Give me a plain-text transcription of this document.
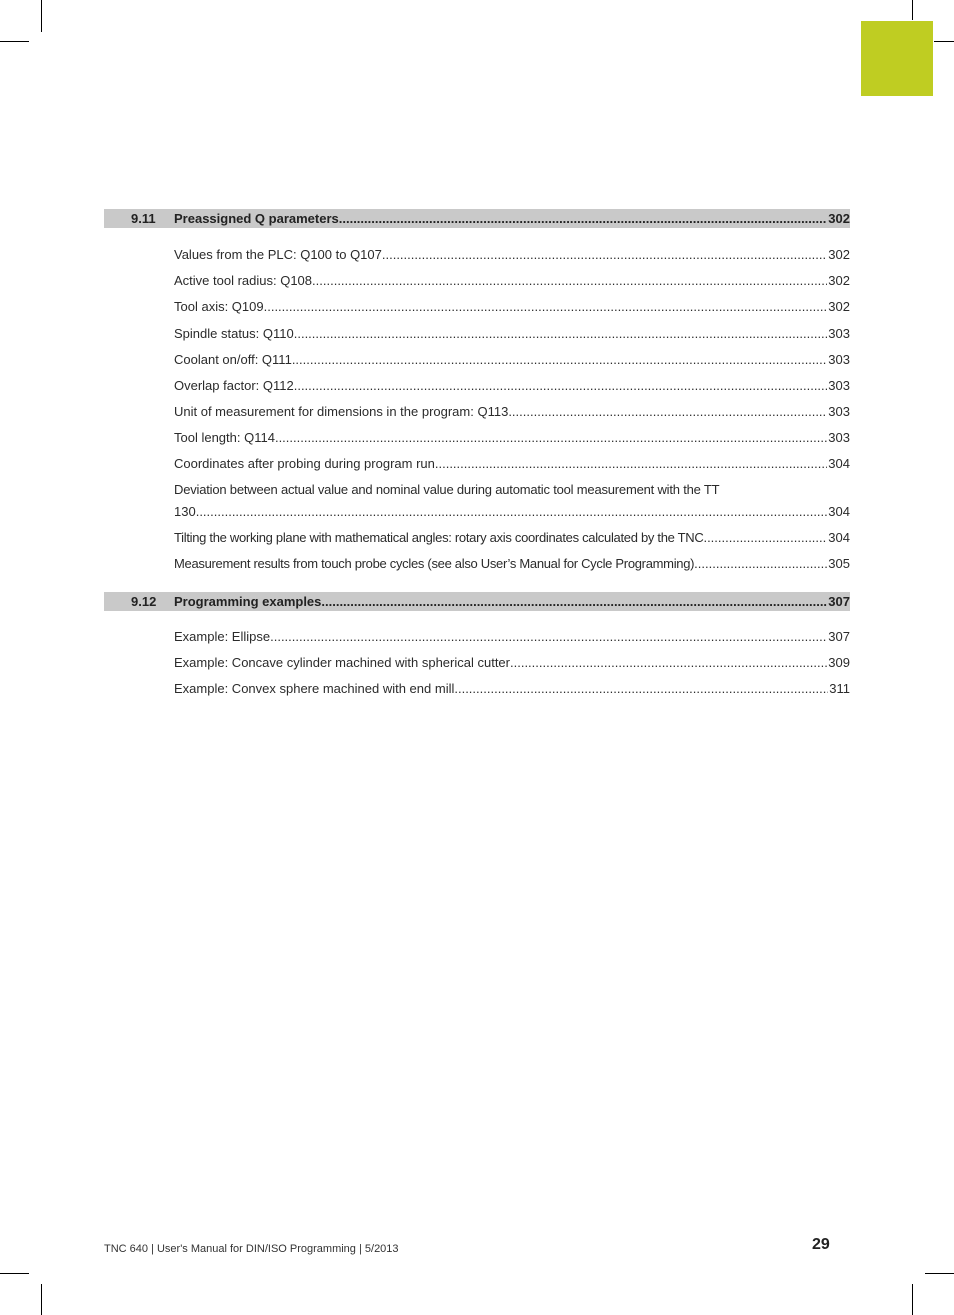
9.11 Preassigned Q parameters .....	302
Values from the PLC: Q100 to Q107 .....	302
Active tool radius: Q108 .....	302
Tool axis: Q109 .....	302
Spindle status: Q110 .....	303
Coolant on/off: Q111 .....	303
Overlap factor: Q112 .....	303
Unit of measurement for dimensions in the program: Q113 .....	303
Tool length: Q114 .....	303
Coordinates after probing during program run .....	304
Deviation between actual value and nominal value during automatic tool measurement with the TT
130 .....	304
Tilting the working plane with mathematical angles: rotary axis coordinates calculated by the TNC .....	304
Measurement results from touch probe cycles (see also User’s Manual for Cycle Programming) .....	305
9.12 Programming examples .....	307
Example: Ellipse .....	307
Example: Concave cylinder machined with spherical cutter .....	309
Example: Convex sphere machined with end mill .....	311
TNC 640 | User's Manual for DIN/ISO Programming | 5/2013	29
